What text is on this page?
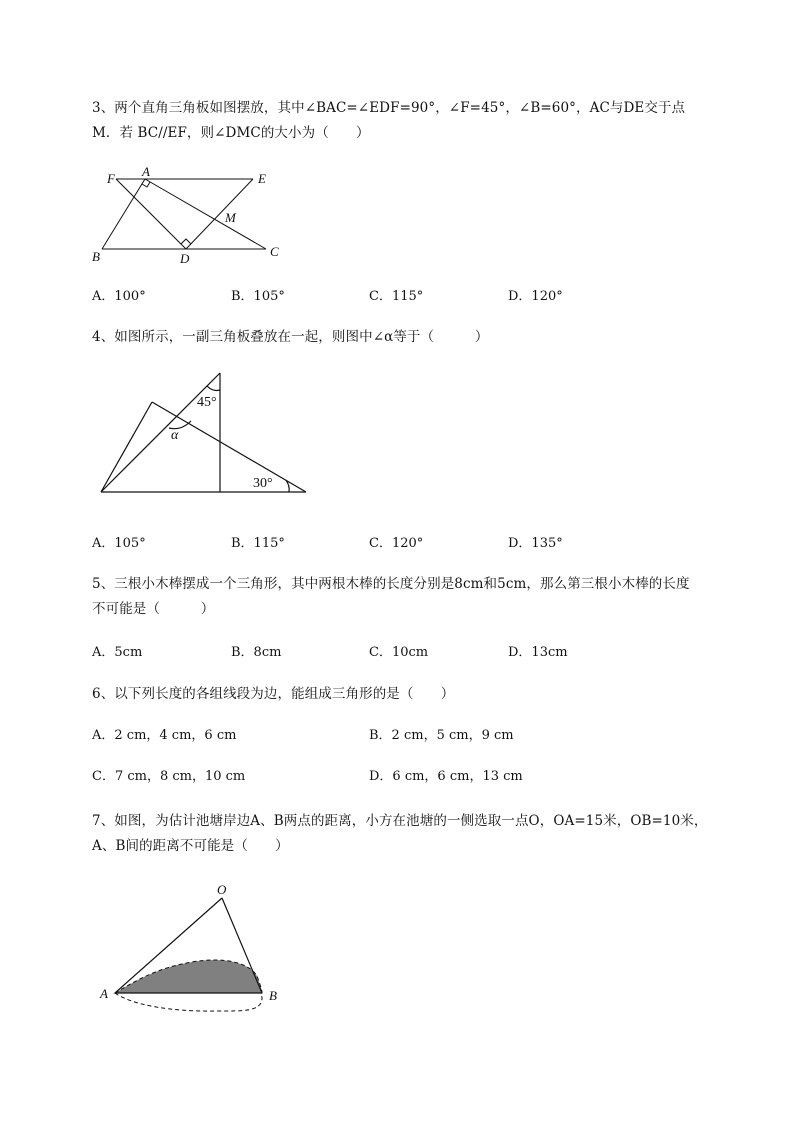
3、两个直角三角板如图摆放，其中∠BAC=∠EDF=90°，∠F=45°，∠B=60°，AC与DE交于点
M．若 BC//EF，则∠DMC的大小为（　　）
F A	E
M
B	D	C
A．100°	B．105°	C．115°	D．120°
4、如图所示，一副三角板叠放在一起，则图中∠α等于（　　　）
45°
α
30°
A．105°	B．115°	C．120°	D．135°
5、三根小木棒摆成一个三角形，其中两根木棒的长度分别是8cm和5cm，那么第三根小木棒的长度
不可能是（　　　）
A．5cm	B．8cm	C．10cm	D．13cm
6、以下列长度的各组线段为边，能组成三角形的是（　　）
A．2 cm，4 cm，6 cm	B．2 cm，5 cm，9 cm
C．7 cm，8 cm，10 cm	D．6 cm，6 cm，13 cm
7、如图，为估计池塘岸边A、B两点的距离，小方在池塘的一侧选取一点O，OA=15米，OB=10米，
A、B间的距离不可能是（　　）
O
A	B
